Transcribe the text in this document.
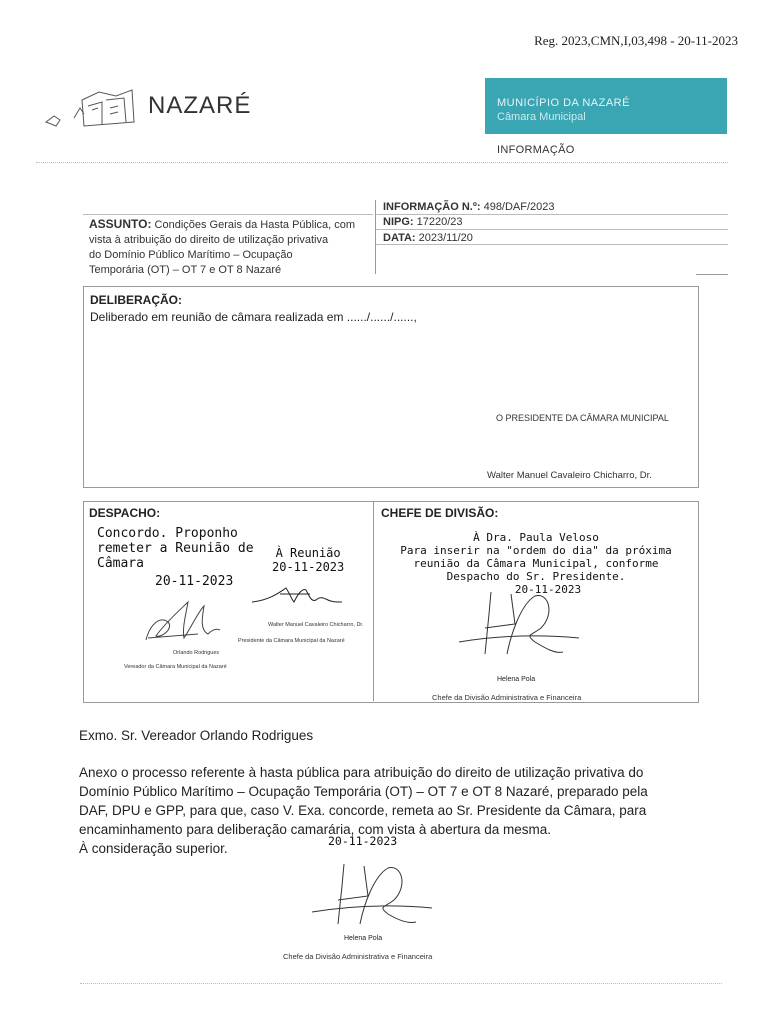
Reg. 2023,CMN,I,03,498 - 20-11-2023
NAZARÉ	MUNICÍPIO DA NAZARÉ
Câmara Municipal
INFORMAÇÃO
INFORMAÇÃO N.º: 498/DAF/2023
NIPG: 17220/23
DATA: 2023/11/20
ASSUNTO: Condições Gerais da Hasta Pública, com
vista à atribuição do direito de utilização privativa
do Domínio Público Marítimo – Ocupação
Temporária (OT) – OT 7 e OT 8 Nazaré
DELIBERAÇÃO:
Deliberado em reunião de câmara realizada em ....../....../......,
O PRESIDENTE DA CÂMARA MUNICIPAL
Walter Manuel Cavaleiro Chicharro, Dr.
DESPACHO:
Concordo. Proponho
remeter a Reunião de
Câmara
20-11-2023
À Reunião
20-11-2023
Walter Manuel Cavaleiro Chicharro, Dr.
Presidente da Câmara Municipal da Nazaré
Orlando Rodrigues
Vereador da Câmara Municipal da Nazaré
CHEFE DE DIVISÃO:
À Dra. Paula Veloso
Para inserir na "ordem do dia" da próxima
reunião da Câmara Municipal, conforme
Despacho do Sr. Presidente.
20-11-2023
Helena Pola
Chefe da Divisão Administrativa e Financeira
Exmo. Sr. Vereador Orlando Rodrigues
Anexo o processo referente à hasta pública para atribuição do direito de utilização privativa do
Domínio Público Marítimo – Ocupação Temporária (OT) – OT 7 e OT 8 Nazaré, preparado pela
DAF, DPU e GPP, para que, caso V. Exa. concorde, remeta ao Sr. Presidente da Câmara, para
encaminhamento para deliberação camarária, com vista à abertura da mesma.
À consideração superior.	20-11-2023
Helena Pola
Chefe da Divisão Administrativa e Financeira
